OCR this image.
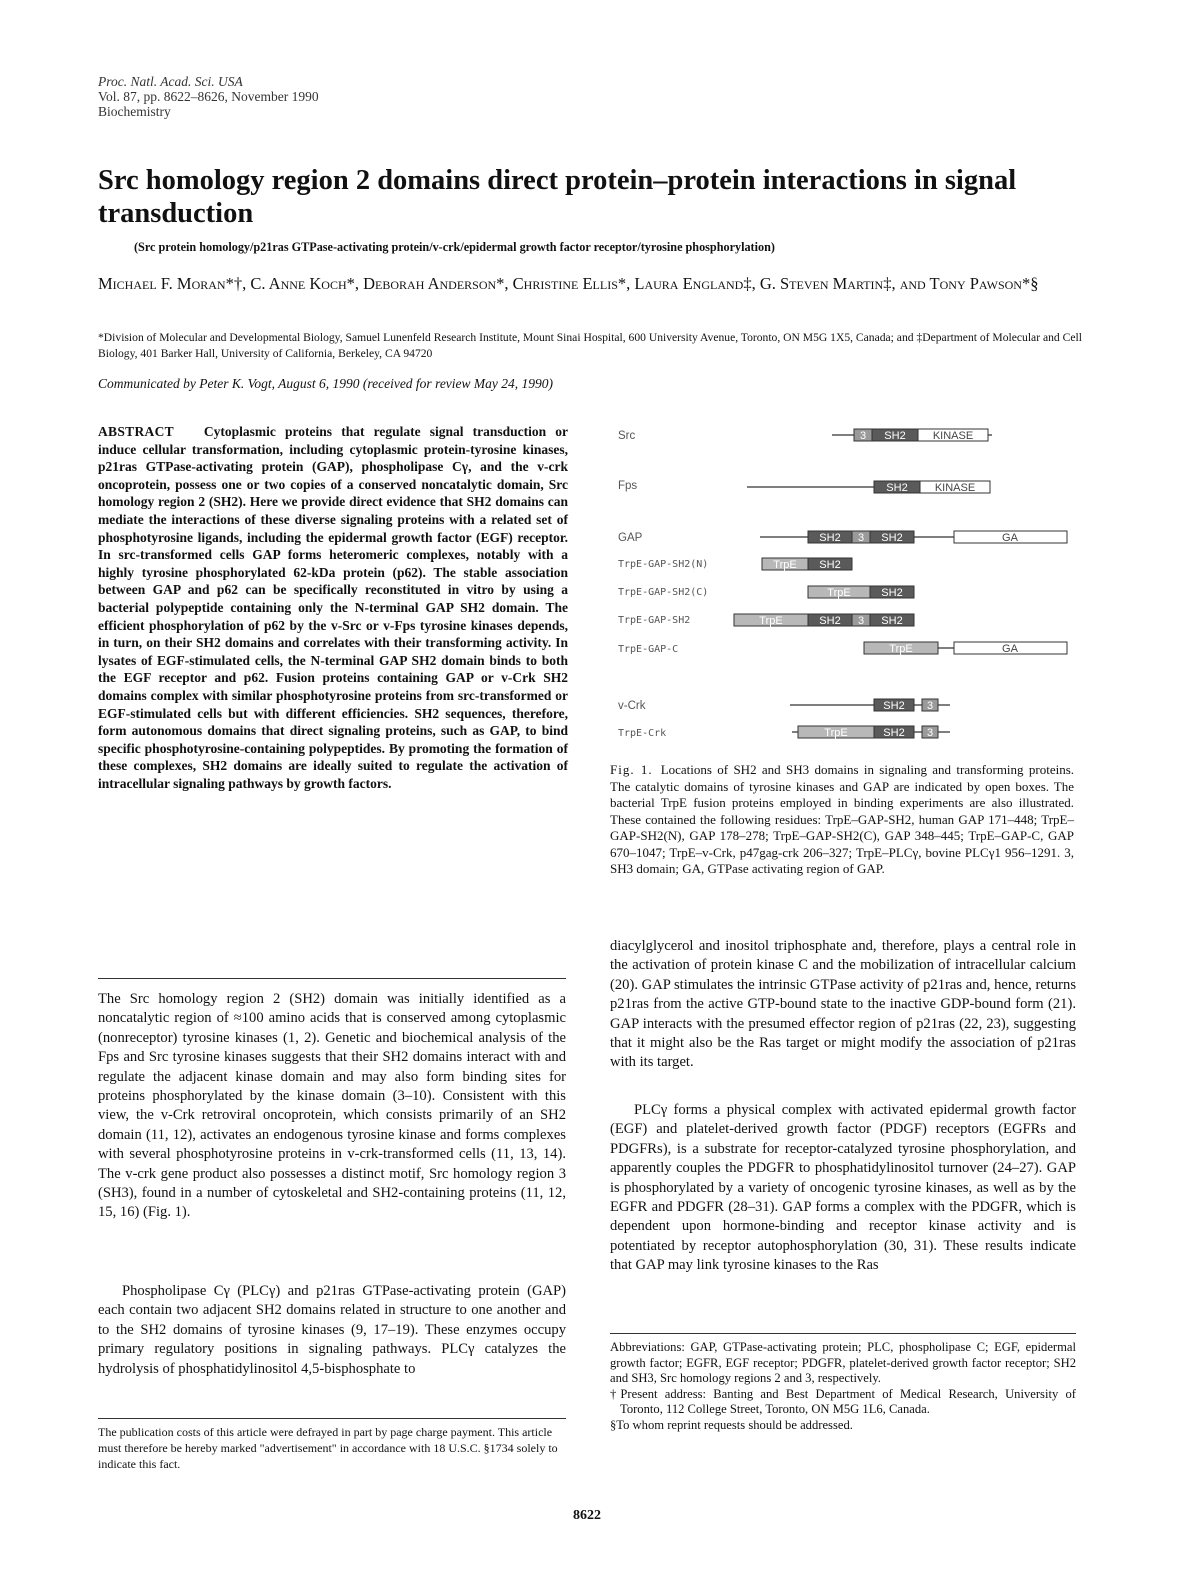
Proc. Natl. Acad. Sci. USA
Vol. 87, pp. 8622–8626, November 1990
Biochemistry
Src homology region 2 domains direct protein–protein interactions in signal transduction
(Src protein homology/p21ras GTPase-activating protein/v-crk/epidermal growth factor receptor/tyrosine phosphorylation)
Michael F. Moran*†, C. Anne Koch*, Deborah Anderson*, Christine Ellis*, Laura England‡, G. Steven Martin‡, and Tony Pawson*§
*Division of Molecular and Developmental Biology, Samuel Lunenfeld Research Institute, Mount Sinai Hospital, 600 University Avenue, Toronto, ON M5G 1X5, Canada; and ‡Department of Molecular and Cell Biology, 401 Barker Hall, University of California, Berkeley, CA 94720
Communicated by Peter K. Vogt, August 6, 1990 (received for review May 24, 1990)

ABSTRACT Cytoplasmic proteins that regulate signal transduction or induce cellular transformation, including cytoplasmic protein-tyrosine kinases, p21ras GTPase-activating protein (GAP), phospholipase Cγ, and the v-crk oncoprotein, possess one or two copies of a conserved noncatalytic domain, Src homology region 2 (SH2). Here we provide direct evidence that SH2 domains can mediate the interactions of these diverse signaling proteins with a related set of phosphotyrosine ligands, including the epidermal growth factor (EGF) receptor. In src-transformed cells GAP forms heteromeric complexes, notably with a highly tyrosine phosphorylated 62-kDa protein (p62). The stable association between GAP and p62 can be specifically reconstituted in vitro by using a bacterial polypeptide containing only the N-terminal GAP SH2 domain. The efficient phosphorylation of p62 by the v-Src or v-Fps tyrosine kinases depends, in turn, on their SH2 domains and correlates with their transforming activity. In lysates of EGF-stimulated cells, the N-terminal GAP SH2 domain binds to both the EGF receptor and p62. Fusion proteins containing GAP or v-Crk SH2 domains complex with similar phosphotyrosine proteins from src-transformed or EGF-stimulated cells but with different efficiencies. SH2 sequences, therefore, form autonomous domains that direct signaling proteins, such as GAP, to bind specific phosphotyrosine-containing polypeptides. By promoting the formation of these complexes, SH2 domains are ideally suited to regulate the activation of intracellular signaling pathways by growth factors.

The Src homology region 2 (SH2) domain was initially identified as a noncatalytic region of ≈100 amino acids that is conserved among cytoplasmic (nonreceptor) tyrosine kinases (1, 2). Genetic and biochemical analysis of the Fps and Src tyrosine kinases suggests that their SH2 domains interact with and regulate the adjacent kinase domain and may also form binding sites for proteins phosphorylated by the kinase domain (3–10). Consistent with this view, the v-Crk retroviral oncoprotein, which consists primarily of an SH2 domain (11, 12), activates an endogenous tyrosine kinase and forms complexes with several phosphotyrosine proteins in v-crk-transformed cells (11, 13, 14). The v-crk gene product also possesses a distinct motif, Src homology region 3 (SH3), found in a number of cytoskeletal and SH2-containing proteins (11, 12, 15, 16) (Fig. 1).

Phospholipase Cγ (PLCγ) and p21ras GTPase-activating protein (GAP) each contain two adjacent SH2 domains related in structure to one another and to the SH2 domains of tyrosine kinases (9, 17–19). These enzymes occupy primary regulatory positions in signaling pathways. PLCγ catalyzes the hydrolysis of phosphatidylinositol 4,5-bisphosphate to

The publication costs of this article were defrayed in part by page charge payment. This article must therefore be hereby marked "advertisement" in accordance with 18 U.S.C. §1734 solely to indicate this fact.

Src	3 SH2 KINASE
Fps	SH2 KINASE
GAP	SH2 3 SH2	GA
TrpE-GAP-SH2(N)	TrpE SH2
TrpE-GAP-SH2(C)	TrpE	SH2
TrpE-GAP-SH2	TrpE	SH2 3 SH2
TrpE-GAP-C	TrpE	GA
v-Crk	SH2 3
TrpE-Crk	TrpE	SH2 3

Fig. 1. Locations of SH2 and SH3 domains in signaling and transforming proteins. The catalytic domains of tyrosine kinases and GAP are indicated by open boxes. The bacterial TrpE fusion proteins employed in binding experiments are also illustrated. These contained the following residues: TrpE–GAP-SH2, human GAP 171–448; TrpE–GAP-SH2(N), GAP 178–278; TrpE–GAP-SH2(C), GAP 348–445; TrpE–GAP-C, GAP 670–1047; TrpE–v-Crk, p47gag-crk 206–327; TrpE–PLCγ, bovine PLCγ1 956–1291. 3, SH3 domain; GA, GTPase activating region of GAP.

diacylglycerol and inositol triphosphate and, therefore, plays a central role in the activation of protein kinase C and the mobilization of intracellular calcium (20). GAP stimulates the intrinsic GTPase activity of p21ras and, hence, returns p21ras from the active GTP-bound state to the inactive GDP-bound form (21). GAP interacts with the presumed effector region of p21ras (22, 23), suggesting that it might also be the Ras target or might modify the association of p21ras with its target.

PLCγ forms a physical complex with activated epidermal growth factor (EGF) and platelet-derived growth factor (PDGF) receptors (EGFRs and PDGFRs), is a substrate for receptor-catalyzed tyrosine phosphorylation, and apparently couples the PDGFR to phosphatidylinositol turnover (24–27). GAP is phosphorylated by a variety of oncogenic tyrosine kinases, as well as by the EGFR and PDGFR (28–31). GAP forms a complex with the PDGFR, which is dependent upon hormone-binding and receptor kinase activity and is potentiated by receptor autophosphorylation (30, 31). These results indicate that GAP may link tyrosine kinases to the Ras

Abbreviations: GAP, GTPase-activating protein; PLC, phospholipase C; EGF, epidermal growth factor; EGFR, EGF receptor; PDGFR, platelet-derived growth factor receptor; SH2 and SH3, Src homology regions 2 and 3, respectively.
†Present address: Banting and Best Department of Medical Research, University of Toronto, 112 College Street, Toronto, ON M5G 1L6, Canada.
§To whom reprint requests should be addressed.
8622
